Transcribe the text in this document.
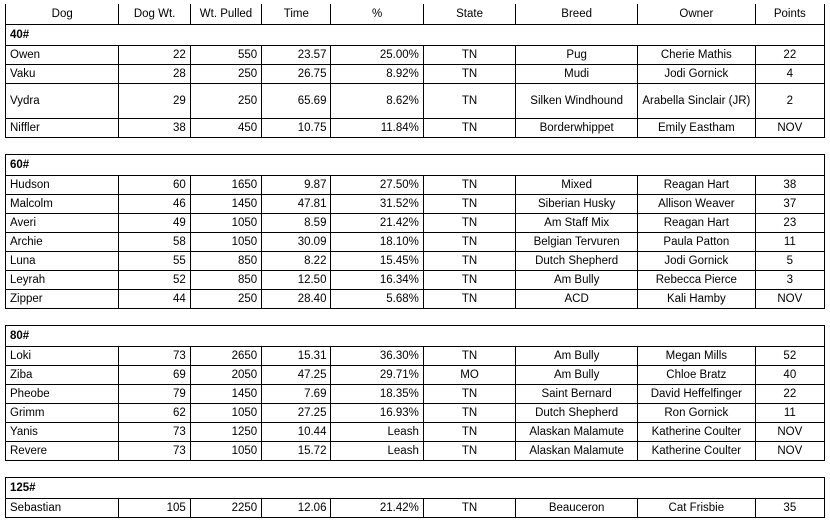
Dog	Dog Wt.	Wt. Pulled	Time	%	State	Breed	Owner	Points
40#								
Owen	22	550	23.57	25.00%	TN	Pug	Cherie Mathis	22
Vaku	28	250	26.75	8.92%	TN	Mudi	Jodi Gornick	4
Vydra	29	250	65.69	8.62%	TN	Silken Windhound	Arabella Sinclair (JR)	2
Niffler	38	450	10.75	11.84%	TN	Borderwhippet	Emily Eastham	NOV

60#								
Hudson	60	1650	9.87	27.50%	TN	Mixed	Reagan Hart	38
Malcolm	46	1450	47.81	31.52%	TN	Siberian Husky	Allison Weaver	37
Averi	49	1050	8.59	21.42%	TN	Am Staff Mix	Reagan Hart	23
Archie	58	1050	30.09	18.10%	TN	Belgian Tervuren	Paula Patton	11
Luna	55	850	8.22	15.45%	TN	Dutch Shepherd	Jodi Gornick	5
Leyrah	52	850	12.50	16.34%	TN	Am Bully	Rebecca Pierce	3
Zipper	44	250	28.40	5.68%	TN	ACD	Kali Hamby	NOV

80#								
Loki	73	2650	15.31	36.30%	TN	Am Bully	Megan Mills	52
Ziba	69	2050	47.25	29.71%	MO	Am Bully	Chloe Bratz	40
Pheobe	79	1450	7.69	18.35%	TN	Saint Bernard	David Heffelfinger	22
Grimm	62	1050	27.25	16.93%	TN	Dutch Shepherd	Ron Gornick	11
Yanis	73	1250	10.44	Leash	TN	Alaskan Malamute	Katherine Coulter	NOV
Revere	73	1050	15.72	Leash	TN	Alaskan Malamute	Katherine Coulter	NOV

125#								
Sebastian	105	2250	12.06	21.42%	TN	Beauceron	Cat Frisbie	35
